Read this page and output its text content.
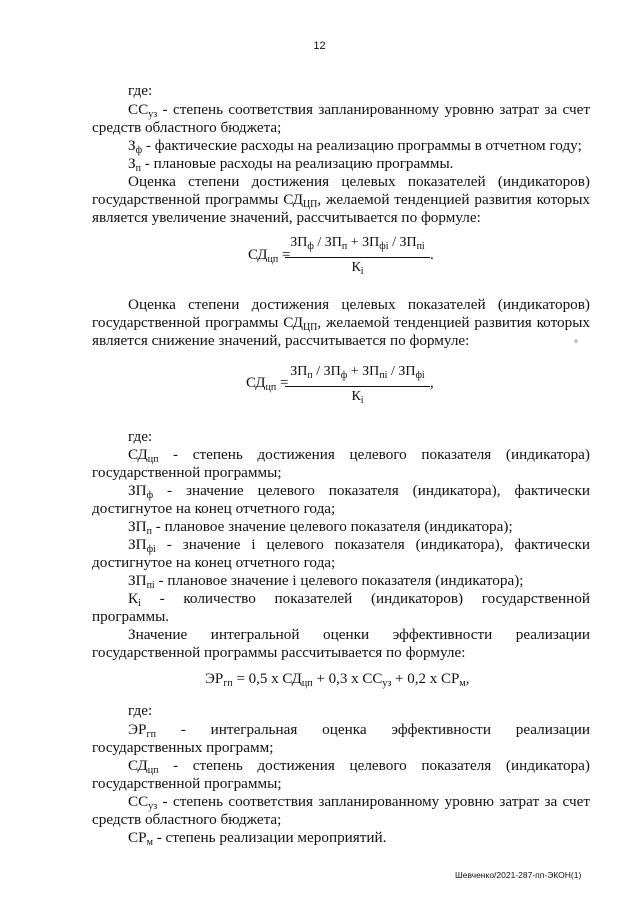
12
где:
$СС_{уз}$ - степень соответствия запланированному уровню затрат за счет
средств областного бюджета;
$З_ф$ - фактические расходы на реализацию программы в отчетном году;
$З_п$ - плановые расходы на реализацию программы.
Оценка степени достижения целевых показателей (индикаторов)
государственной программы $СД_{ЦП}$, желаемой тенденцией развития которых
является увеличение значений, рассчитывается по формуле:
$СД_{цп}$ =
$ЗП_ф / ЗП_п + ЗП_{фi} / ЗП_{пi}$
$К_i$
.
Оценка степени достижения целевых показателей (индикаторов)
государственной программы $СД_{ЦП}$, желаемой тенденцией развития которых
является снижение значений, рассчитывается по формуле:
$СД_{цп}$ =
$ЗП_п / ЗП_ф + ЗП_{пi} / ЗП_{фi}$
$К_i$
,
где:
$СД_{цп}$ - степень достижения целевого показателя (индикатора)
государственной программы;
$ЗП_ф$ - значение целевого показателя (индикатора), фактически
достигнутое на конец отчетного года;
$ЗП_п$ - плановое значение целевого показателя (индикатора);
$ЗП_{фi}$ - значение i целевого показателя (индикатора), фактически
достигнутое на конец отчетного года;
$ЗП_{пi}$ - плановое значение i целевого показателя (индикатора);
$К_i$ - количество показателей (индикаторов) государственной
программы.
Значение интегральной оценки эффективности реализации
государственной программы рассчитывается по формуле:
$ЭР_{гп} = 0,5$ х $СД_{цп} + 0,3$ х $СС_{уз} + 0,2$ х $СР_м$,
где:
$ЭР_{гп}$ - интегральная оценка эффективности реализации
государственных программ;
$СД_{цп}$ - степень достижения целевого показателя (индикатора)
государственной программы;
$СС_{уз}$ - степень соответствия запланированному уровню затрат за счет
средств областного бюджета;
$СР_м$ - степень реализации мероприятий.
Шевченко/2021-287-пп-ЭКОН(1)
